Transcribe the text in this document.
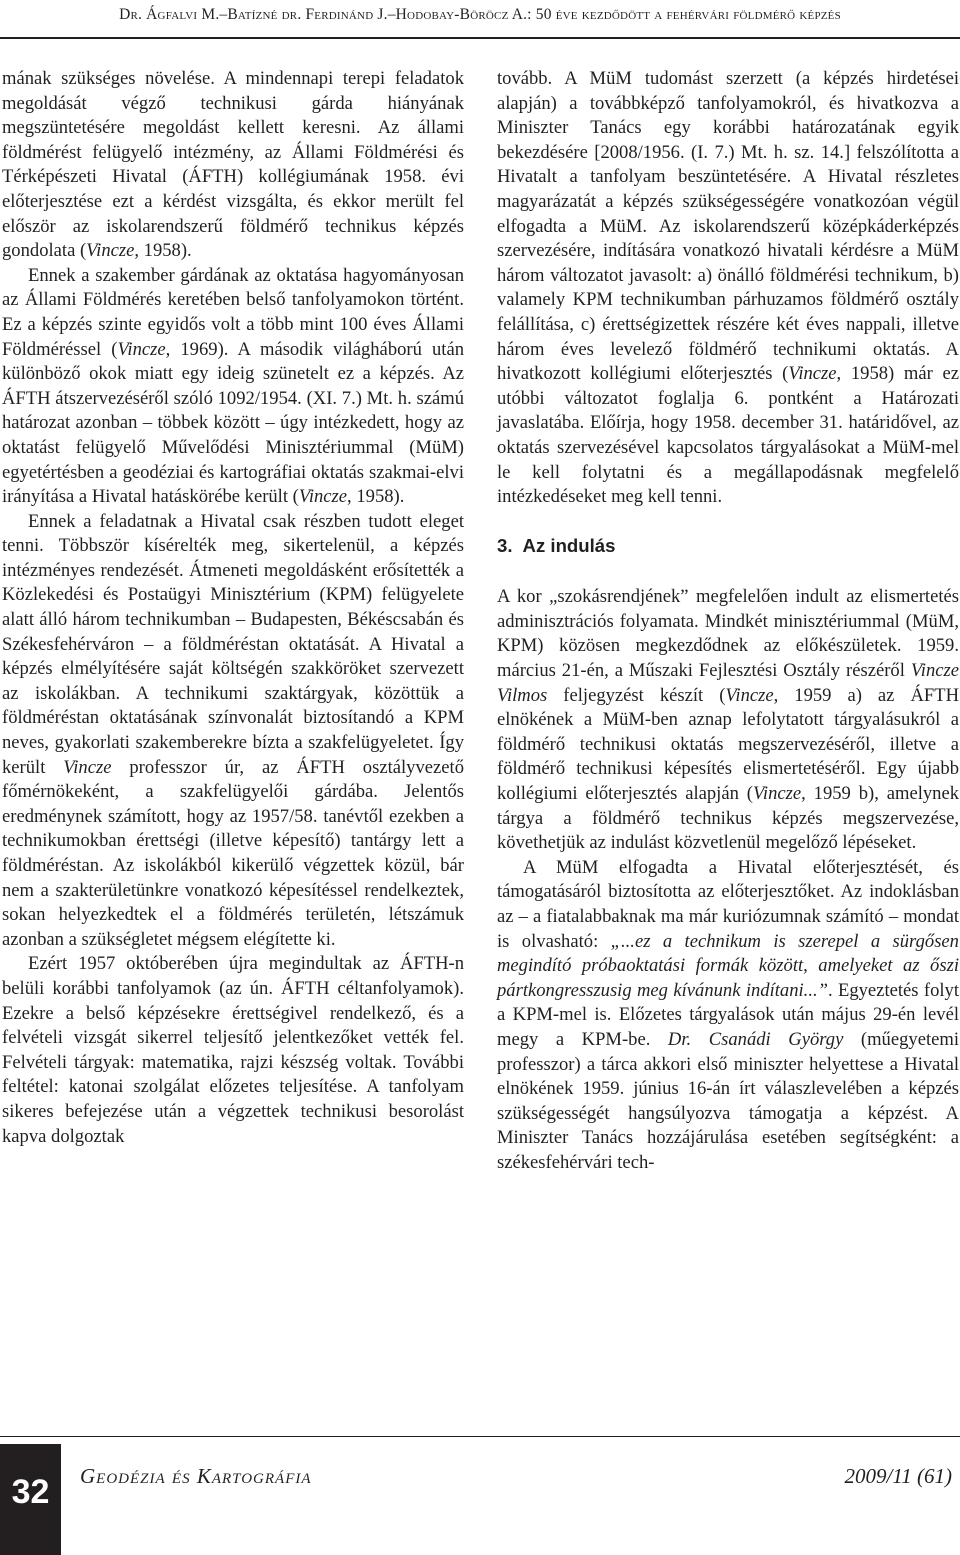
Dr. Ágfalvi M.–Batízné dr. Ferdinánd J.–Hodobay-Böröcz A.: 50 éve kezdődött a fehérvári földmérő képzés

mának szükséges növelése. A mindennapi terepi feladatok megoldását végző technikusi gárda hiányának megszüntetésére megoldást kellett keresni. Az állami földmérést felügyelő intézmény, az Állami Földmérési és Térképészeti Hivatal (ÁFTH) kollégiumának 1958. évi előterjesztése ezt a kérdést vizsgálta, és ekkor merült fel először az iskolarendszerű földmérő technikus képzés gondolata (Vincze, 1958).

Ennek a szakember gárdának az oktatása hagyományosan az Állami Földmérés keretében belső tanfolyamokon történt. Ez a képzés szinte egyidős volt a több mint 100 éves Állami Földméréssel (Vincze, 1969). A második világháború után különböző okok miatt egy ideig szünetelt ez a képzés. Az ÁFTH átszervezéséről szóló 1092/1954. (XI. 7.) Mt. h. számú határozat azonban – többek között – úgy intézkedett, hogy az oktatást felügyelő Művelődési Minisztériummal (MüM) egyetértésben a geodéziai és kartográfiai oktatás szakmai-elvi irányítása a Hivatal hatáskörébe került (Vincze, 1958).

Ennek a feladatnak a Hivatal csak részben tudott eleget tenni. Többször kísérelték meg, sikertelenül, a képzés intézményes rendezését. Átmeneti megoldásként erősítették a Közlekedési és Postaügyi Minisztérium (KPM) felügyelete alatt álló három technikumban – Budapesten, Békéscsabán és Székesfehérváron – a földméréstan oktatását. A Hivatal a képzés elmélyítésére saját költségén szakköröket szervezett az iskolákban. A technikumi szaktárgyak, közöttük a földméréstan oktatásának színvonalát biztosítandó a KPM neves, gyakorlati szakemberekre bízta a szakfelügyeletet. Így került Vincze professzor úr, az ÁFTH osztályvezető főmérnökeként, a szakfelügyelői gárdába. Jelentős eredménynek számított, hogy az 1957/58. tanévtől ezekben a technikumokban érettségi (illetve képesítő) tantárgy lett a földméréstan. Az iskolákból kikerülő végzettek közül, bár nem a szakterületünkre vonatkozó képesítéssel rendelkeztek, sokan helyezkedtek el a földmérés területén, létszámuk azonban a szükségletet mégsem elégítette ki.

Ezért 1957 októberében újra megindultak az ÁFTH-n belüli korábbi tanfolyamok (az ún. ÁFTH céltanfolyamok). Ezekre a belső képzésekre érettségivel rendelkező, és a felvételi vizsgát sikerrel teljesítő jelentkezőket vették fel. Felvételi tárgyak: matematika, rajzi készség voltak. További feltétel: katonai szolgálat előzetes teljesítése. A tanfolyam sikeres befejezése után a végzettek technikusi besorolást kapva dolgoztak

tovább. A MüM tudomást szerzett (a képzés hirdetései alapján) a továbbképző tanfolyamokról, és hivatkozva a Miniszter Tanács egy korábbi határozatának egyik bekezdésére [2008/1956. (I. 7.) Mt. h. sz. 14.] felszólította a Hivatalt a tanfolyam beszüntetésére. A Hivatal részletes magyarázatát a képzés szükségességére vonatkozóan végül elfogadta a MüM. Az iskolarendszerű középkáderképzés szervezésére, indítására vonatkozó hivatali kérdésre a MüM három változatot javasolt: a) önálló földmérési technikum, b) valamely KPM technikumban párhuzamos földmérő osztály felállítása, c) érettségizettek részére két éves nappali, illetve három éves levelező földmérő technikumi oktatás. A hivatkozott kollégiumi előterjesztés (Vincze, 1958) már ez utóbbi változatot foglalja 6. pontként a Határozati javaslatába. Előírja, hogy 1958. december 31. határidővel, az oktatás szervezésével kapcsolatos tárgyalásokat a MüM-mel le kell folytatni és a megállapodásnak megfelelő intézkedéseket meg kell tenni.

3. Az indulás

A kor „szokásrendjének” megfelelően indult az elismertetés adminisztrációs folyamata. Mindkét minisztériummal (MüM, KPM) közösen megkezdődnek az előkészületek. 1959. március 21-én, a Műszaki Fejlesztési Osztály részéről Vincze Vilmos feljegyzést készít (Vincze, 1959 a) az ÁFTH elnökének a MüM-ben aznap lefolytatott tárgyalásukról a földmérő technikusi oktatás megszervezéséről, illetve a földmérő technikusi képesítés elismertetéséről. Egy újabb kollégiumi előterjesztés alapján (Vincze, 1959 b), amelynek tárgya a földmérő technikus képzés megszervezése, követhetjük az indulást közvetlenül megelőző lépéseket.

A MüM elfogadta a Hivatal előterjesztését, és támogatásáról biztosította az előterjesztőket. Az indoklásban az – a fiatalabbaknak ma már kuriózumnak számító – mondat is olvasható: „...ez a technikum is szerepel a sürgősen megindító próbaoktatási formák között, amelyeket az őszi pártkongresszusig meg kívánunk indítani...”. Egyeztetés folyt a KPM-mel is. Előzetes tárgyalások után május 29-én levél megy a KPM-be. Dr. Csanádi György (műegyetemi professzor) a tárca akkori első miniszter helyettese a Hivatal elnökének 1959. június 16-án írt válaszlevelében a képzés szükségességét hangsúlyozva támogatja a képzést. A Miniszter Tanács hozzájárulása esetében segítségként: a székesfehérvári tech-

32	Geodézia és Kartográfia	2009/11 (61)
